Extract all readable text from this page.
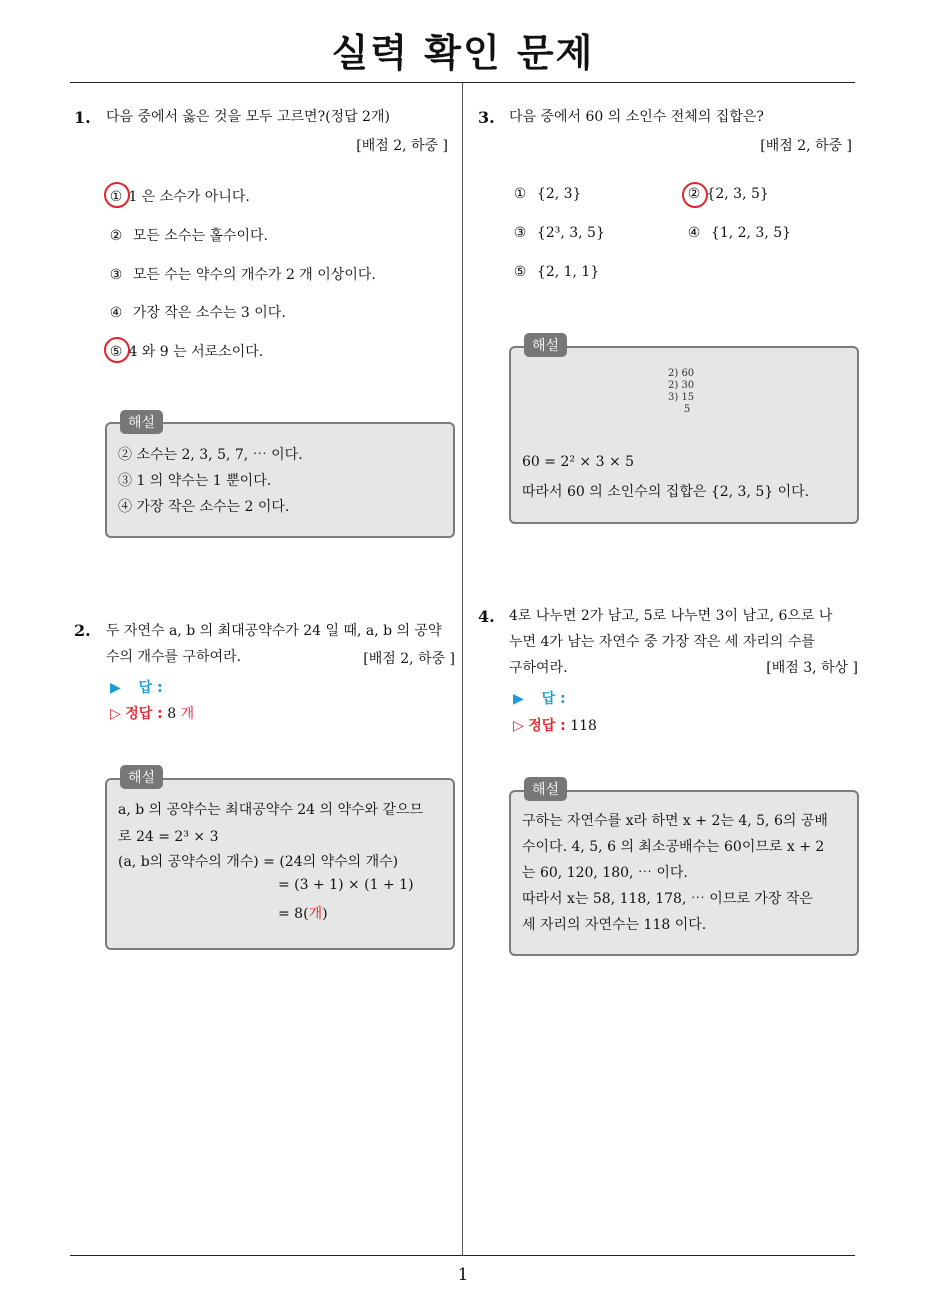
실력 확인 문제
1
1. 다음 중에서 옳은 것을 모두 고르면?(정답 2개)
[배점 2, 하중 ]
① 1 은 소수가 아니다.
② 모든 소수는 홀수이다.
③ 모든 수는 약수의 개수가 2 개 이상이다.
④ 가장 작은 소수는 3 이다.
⑤ 4 와 9 는 서로소이다.
해설
② 소수는 2, 3, 5, 7, ⋯ 이다.
③ 1 의 약수는 1 뿐이다.
④ 가장 작은 소수는 2 이다.
2. 두 자연수 a, b 의 최대공약수가 24 일 때, a, b 의 공약
수의 개수를 구하여라.	[배점 2, 하중 ]
▶ 답 :
▷ 정답 : 8 개
해설
a, b 의 공약수는 최대공약수 24 의 약수와 같으므
로 24 = 2³ × 3
(a, b의 공약수의 개수) = (24의 약수의 개수)
= (3 + 1) × (1 + 1)
= 8(개)
3. 다음 중에서 60 의 소인수 전체의 집합은?
[배점 2, 하중 ]
① {2, 3}	② {2, 3, 5}
③ {2³, 3, 5}	④ {1, 2, 3, 5}
⑤ {2, 1, 1}
해설
2) 60
2) 30
3) 15
5
60 = 2² × 3 × 5
따라서 60 의 소인수의 집합은 {2, 3, 5} 이다.
4. 4로 나누면 2가 남고, 5로 나누면 3이 남고, 6으로 나
누면 4가 남는 자연수 중 가장 작은 세 자리의 수를
구하여라.	[배점 3, 하상 ]
▶ 답 :
▷ 정답 : 118
해설
구하는 자연수를 x라 하면 x + 2는 4, 5, 6의 공배
수이다. 4, 5, 6 의 최소공배수는 60이므로 x + 2
는 60, 120, 180, ⋯ 이다.
따라서 x는 58, 118, 178, ⋯ 이므로 가장 작은
세 자리의 자연수는 118 이다.
